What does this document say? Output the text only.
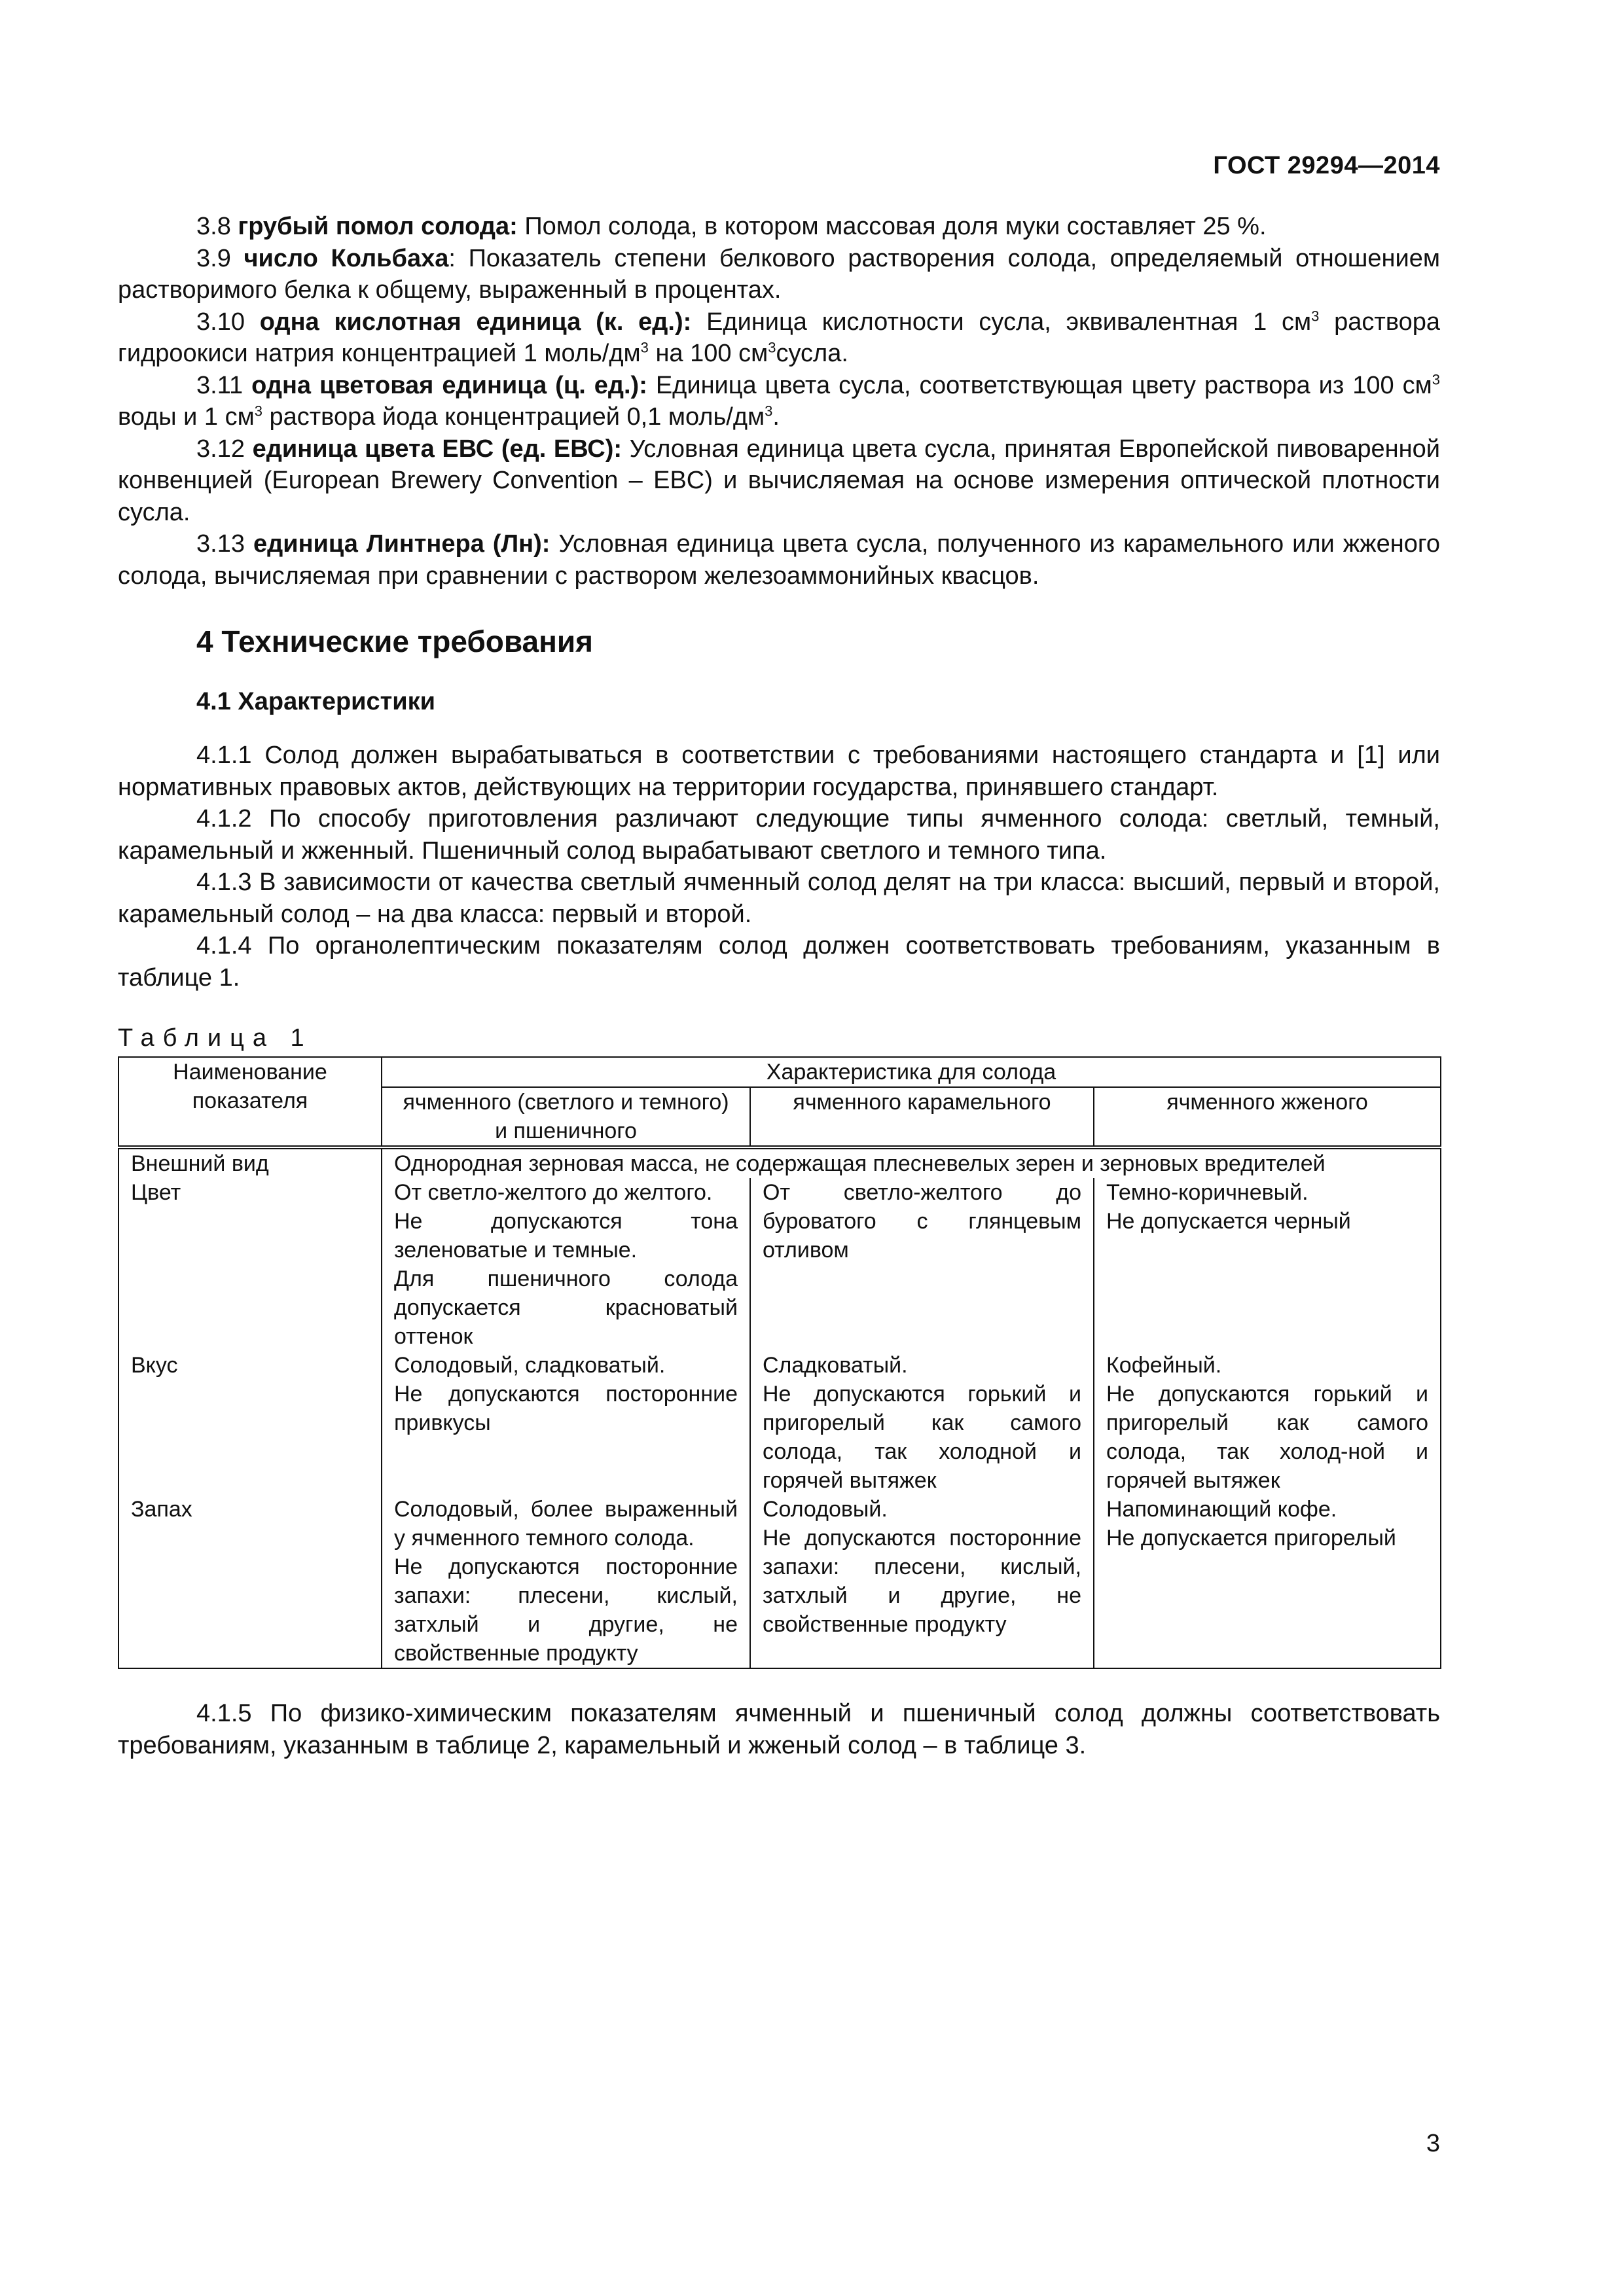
ГОСТ 29294—2014

3.8 грубый помол солода: Помол солода, в котором массовая доля муки составляет 25 %.

3.9 число Кольбаха: Показатель степени белкового растворения солода, определяемый отношением растворимого белка к общему, выраженный в процентах.

3.10 одна кислотная единица (к. ед.): Единица кислотности сусла, эквивалентная 1 $см^3$ раствора гидроокиси натрия концентрацией 1 моль/$дм^3$ на 100 $см^3сусла$.

3.11 одна цветовая единица (ц. ед.): Единица цвета сусла, соответствующая цвету раствора из 100 $см^3$ воды и 1 $см^3$ раствора йода концентрацией 0,1 моль/$дм^3$.

3.12 единица цвета ЕВС (ед. ЕВС): Условная единица цвета сусла, принятая Европейской пивоваренной конвенцией (European Brewery Convention – EBC) и вычисляемая на основе измерения оптической плотности сусла.

3.13 единица Линтнера (Лн): Условная единица цвета сусла, полученного из карамельного или жженого солода, вычисляемая при сравнении с раствором железоаммонийных квасцов.

4 Технические требования
4.1 Характеристики

4.1.1 Солод должен вырабатываться в соответствии с требованиями настоящего стандарта и [1] или нормативных правовых актов, действующих на территории государства, принявшего стандарт.

4.1.2 По способу приготовления различают следующие типы ячменного солода: светлый, темный, карамельный и жженный. Пшеничный солод вырабатывают светлого и темного типа.

4.1.3 В зависимости от качества светлый ячменный солод делят на три класса: высший, первый и второй, карамельный солод – на два класса: первый и второй.

4.1.4 По органолептическим показателям солод должен соответствовать требованиям, указанным в таблице 1.

Таблица 1
Наименование показателя	Характеристика для солода		
	ячменного (светлого и темного) и пшеничного	ячменного карамельного	ячменного жженого
Внешний вид	Однородная зерновая масса, не содержащая плесневелых зерен и зерновых вредителей		

Цвет	От светло-желтого до желтого.
Не допускаются тона зеленоватые и темные.
Для пшеничного солода допускается красноватый оттенок	От светло-желтого до буроватого с глянцевым отливом	Темно-коричневый.
Не допускается черный

Вкус	Солодовый, сладковатый.
Не допускаются посторонние привкусы	Сладковатый.
Не допускаются горький и пригорелый как самого солода, так холодной и горячей вытяжек	Кофейный.
Не допускаются горький и пригорелый как самого солода, так холод-ной и горячей вытяжек

Запах	Солодовый, более выраженный у ячменного темного солода.
Не допускаются посторонние запахи: плесени, кислый, затхлый и другие, не свойственные продукту	Солодовый.
Не допускаются посторонние запахи: плесени, кислый, затхлый и другие, не свойственные продукту	Напоминающий кофе.
Не допускается пригорелый

4.1.5 По физико-химическим показателям ячменный и пшеничный солод должны соответствовать требованиям, указанным в таблице 2, карамельный и жженый солод – в таблице 3.

3
